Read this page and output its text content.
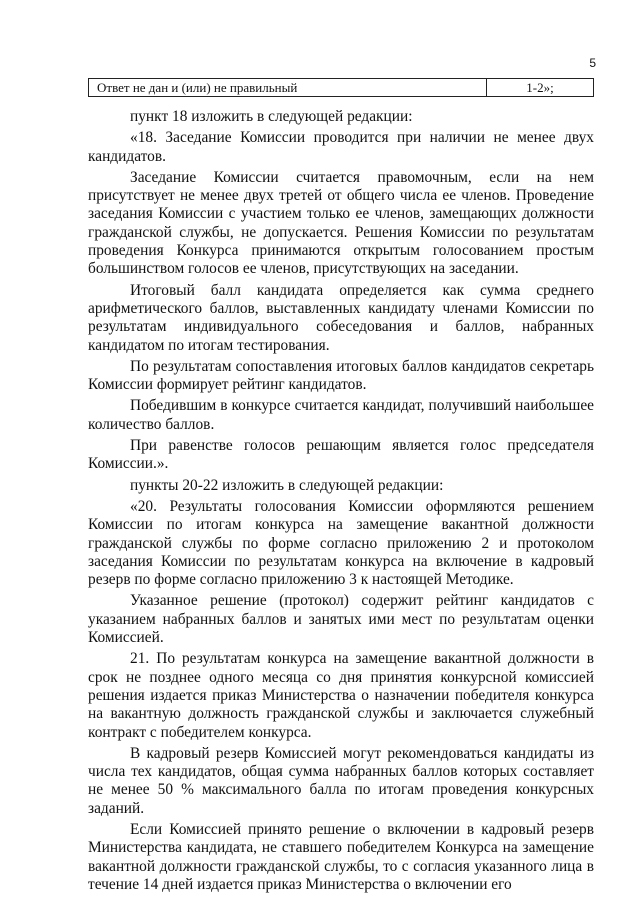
5
Ответ не дан и (или) не правильный	1-2»;

пункт 18 изложить в следующей редакции:

«18. Заседание Комиссии проводится при наличии не менее двух кандидатов.

Заседание Комиссии считается правомочным, если на нем присутствует не менее двух третей от общего числа ее членов. Проведение заседания Комиссии с участием только ее членов, замещающих должности гражданской службы, не допускается. Решения Комиссии по результатам проведения Конкурса принимаются открытым голосованием простым большинством голосов ее членов, присутствующих на заседании.

Итоговый балл кандидата определяется как сумма среднего арифметического баллов, выставленных кандидату членами Комиссии по результатам индивидуального собеседования и баллов, набранных кандидатом по итогам тестирования.

По результатам сопоставления итоговых баллов кандидатов секретарь Комиссии формирует рейтинг кандидатов.

Победившим в конкурсе считается кандидат, получивший наибольшее количество баллов.

При равенстве голосов решающим является голос председателя Комиссии.».

пункты 20-22 изложить в следующей редакции:

«20. Результаты голосования Комиссии оформляются решением Комиссии по итогам конкурса на замещение вакантной должности гражданской службы по форме согласно приложению 2 и протоколом заседания Комиссии по результатам конкурса на включение в кадровый резерв по форме согласно приложению 3 к настоящей Методике.

Указанное решение (протокол) содержит рейтинг кандидатов с указанием набранных баллов и занятых ими мест по результатам оценки Комиссией.

21. По результатам конкурса на замещение вакантной должности в срок не позднее одного месяца со дня принятия конкурсной комиссией решения издается приказ Министерства о назначении победителя конкурса на вакантную должность гражданской службы и заключается служебный контракт с победителем конкурса.

В кадровый резерв Комиссией могут рекомендоваться кандидаты из числа тех кандидатов, общая сумма набранных баллов которых составляет не менее 50 % максимального балла по итогам проведения конкурсных заданий.

Если Комиссией принято решение о включении в кадровый резерв Министерства кандидата, не ставшего победителем Конкурса на замещение вакантной должности гражданской службы, то с согласия указанного лица в течение 14 дней издается приказ Министерства о включении его
